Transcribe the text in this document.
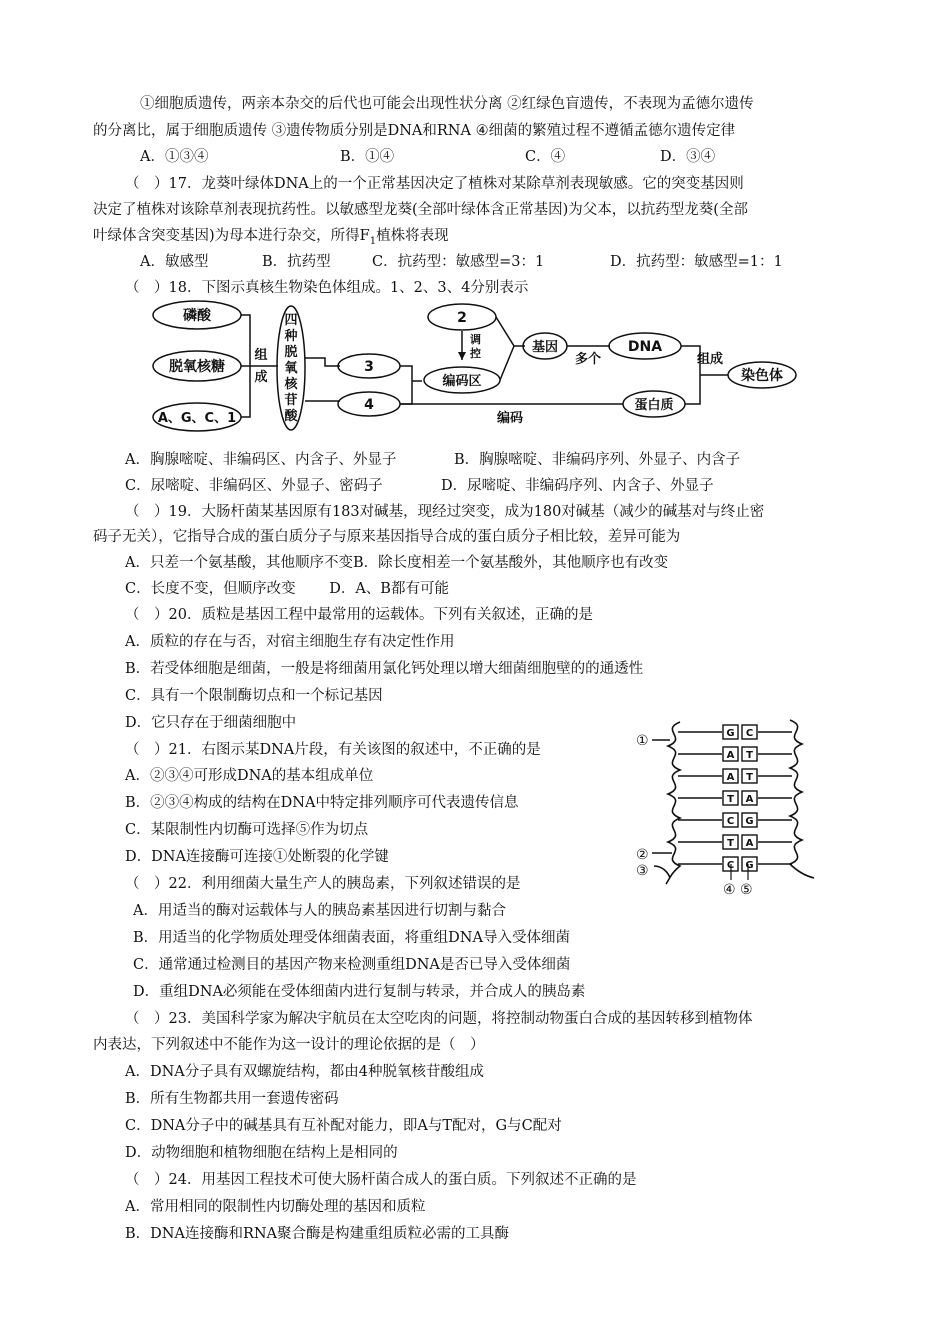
①细胞质遗传，两亲本杂交的后代也可能会出现性状分离 ②红绿色盲遗传，不表现为孟德尔遗传
的分离比，属于细胞质遗传 ③遗传物质分别是DNA和RNA ④细菌的繁殖过程不遵循孟德尔遗传定律
A．①③④	B．①④	C．④	D．③④
（　）17．龙葵叶绿体DNA上的一个正常基因决定了植株对某除草剂表现敏感。它的突变基因则
决定了植株对该除草剂表现抗药性。以敏感型龙葵(全部叶绿体含正常基因)为父本，以抗药型龙葵(全部
叶绿体含突变基因)为母本进行杂交，所得$F_1$植株将表现
A．敏感型	B．抗药型	C．抗药型：敏感型=3：1	D．抗药型：敏感型=1：1
（　）18．下图示真核生物染色体组成。1、2、3、4分别表示
磷酸
脱氧核糖
A、G、C、1
3
4
2
编码区
基因	DNA
蛋白质
染色体
多个	组成
编码
组
成
四
种
脱
氧
核
苷
酸
调
控
A．胸腺嘧啶、非编码区、内含子、外显子	B．胸腺嘧啶、非编码序列、外显子、内含子
C．尿嘧啶、非编码区、外显子、密码子	D．尿嘧啶、非编码序列、内含子、外显子
（　）19．大肠杆菌某基因原有183对碱基，现经过突变，成为180对碱基（减少的碱基对与终止密
码子无关），它指导合成的蛋白质分子与原来基因指导合成的蛋白质分子相比较，差异可能为
A．只差一个氨基酸，其他顺序不变B．除长度相差一个氨基酸外，其他顺序也有改变
C．长度不变，但顺序改变　　 D．A、B都有可能
（　）20．质粒是基因工程中最常用的运载体。下列有关叙述，正确的是
A．质粒的存在与否，对宿主细胞生存有决定性作用
B．若受体细胞是细菌，一般是将细菌用氯化钙处理以增大细菌细胞壁的的通透性
C．具有一个限制酶切点和一个标记基因
D．它只存在于细菌细胞中
（　）21．右图示某DNA片段，有关该图的叙述中，不正确的是
A．②③④可形成DNA的基本组成单位
B．②③④构成的结构在DNA中特定排列顺序可代表遗传信息
C．某限制性内切酶可选择⑤作为切点
D．DNA连接酶可连接①处断裂的化学键
G C
A T
A T
T A
C G
T A
C G
①
②
③
④ ⑤
（　）22．利用细菌大量生产人的胰岛素，下列叙述错误的是
A．用适当的酶对运载体与人的胰岛素基因进行切割与黏合
B．用适当的化学物质处理受体细菌表面，将重组DNA导入受体细菌
C．通常通过检测目的基因产物来检测重组DNA是否已导入受体细菌
D．重组DNA必须能在受体细菌内进行复制与转录，并合成人的胰岛素
（　）23．美国科学家为解决宇航员在太空吃肉的问题，将控制动物蛋白合成的基因转移到植物体
内表达，下列叙述中不能作为这一设计的理论依据的是（　）
A．DNA分子具有双螺旋结构，都由4种脱氧核苷酸组成
B．所有生物都共用一套遗传密码
C．DNA分子中的碱基具有互补配对能力，即A与T配对，G与C配对
D．动物细胞和植物细胞在结构上是相同的
（　）24．用基因工程技术可使大肠杆菌合成人的蛋白质。下列叙述不正确的是
A．常用相同的限制性内切酶处理的基因和质粒
B．DNA连接酶和RNA聚合酶是构建重组质粒必需的工具酶
